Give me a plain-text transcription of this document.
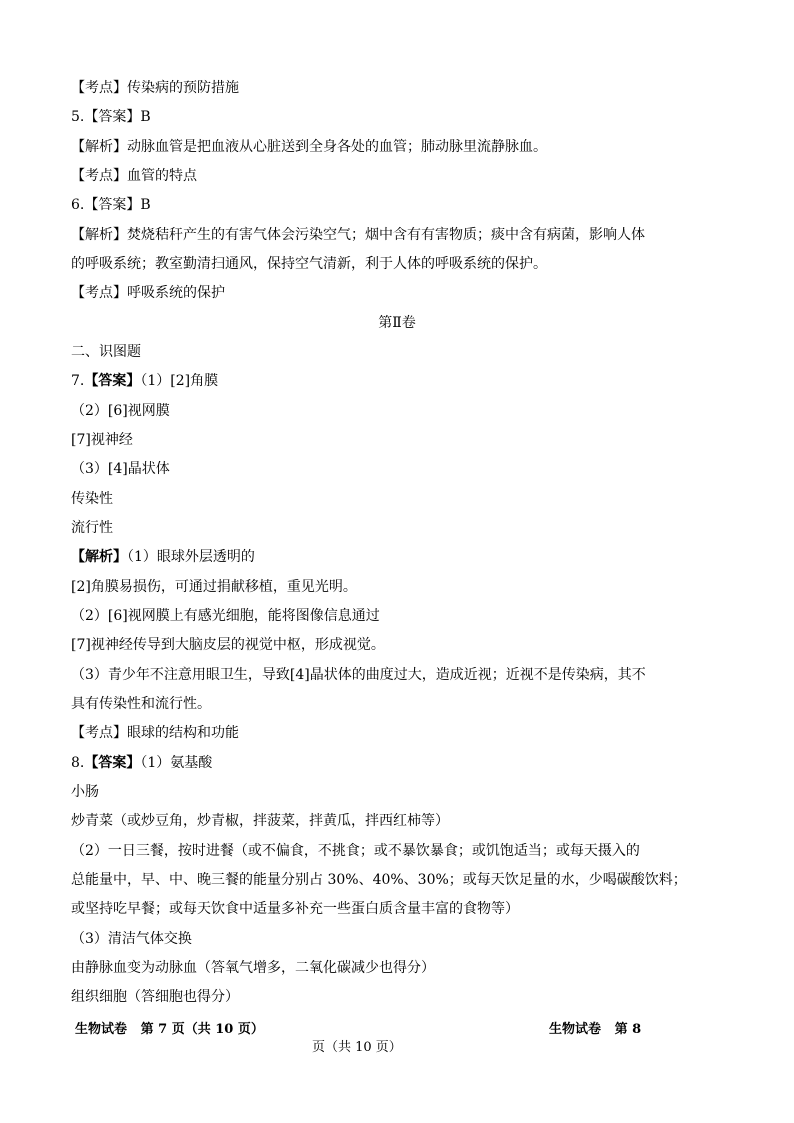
【考点】传染病的预防措施
5.【答案】B
【解析】动脉血管是把血液从心脏送到全身各处的血管；肺动脉里流静脉血。
【考点】血管的特点
6.【答案】B
【解析】焚烧秸秆产生的有害气体会污染空气；烟中含有有害物质；痰中含有病菌，影响人体
的呼吸系统；教室勤清扫通风，保持空气清新，利于人体的呼吸系统的保护。
【考点】呼吸系统的保护
第Ⅱ卷
二、识图题
7.【答案】（1）[2]角膜
（2）[6]视网膜
[7]视神经
（3）[4]晶状体
传染性
流行性
【解析】（1）眼球外层透明的
[2]角膜易损伤，可通过捐献移植，重见光明。
（2）[6]视网膜上有感光细胞，能将图像信息通过
[7]视神经传导到大脑皮层的视觉中枢，形成视觉。
（3）青少年不注意用眼卫生，导致[4]晶状体的曲度过大，造成近视；近视不是传染病，其不
具有传染性和流行性。
【考点】眼球的结构和功能
8.【答案】（1）氨基酸
小肠
炒青菜（或炒豆角，炒青椒，拌菠菜，拌黄瓜，拌西红柿等）
（2）一日三餐，按时进餐（或不偏食，不挑食；或不暴饮暴食；或饥饱适当；或每天摄入的
总能量中，早、中、晚三餐的能量分别占 30%、40%、30%；或每天饮足量的水，少喝碳酸饮料；
或坚持吃早餐；或每天饮食中适量多补充一些蛋白质含量丰富的食物等）
（3）清洁气体交换
由静脉血变为动脉血（答氧气增多，二氧化碳减少也得分）
组织细胞（答细胞也得分）
生物试卷 第 7 页（共 10 页）	生物试卷 第 8
页（共 10 页）
